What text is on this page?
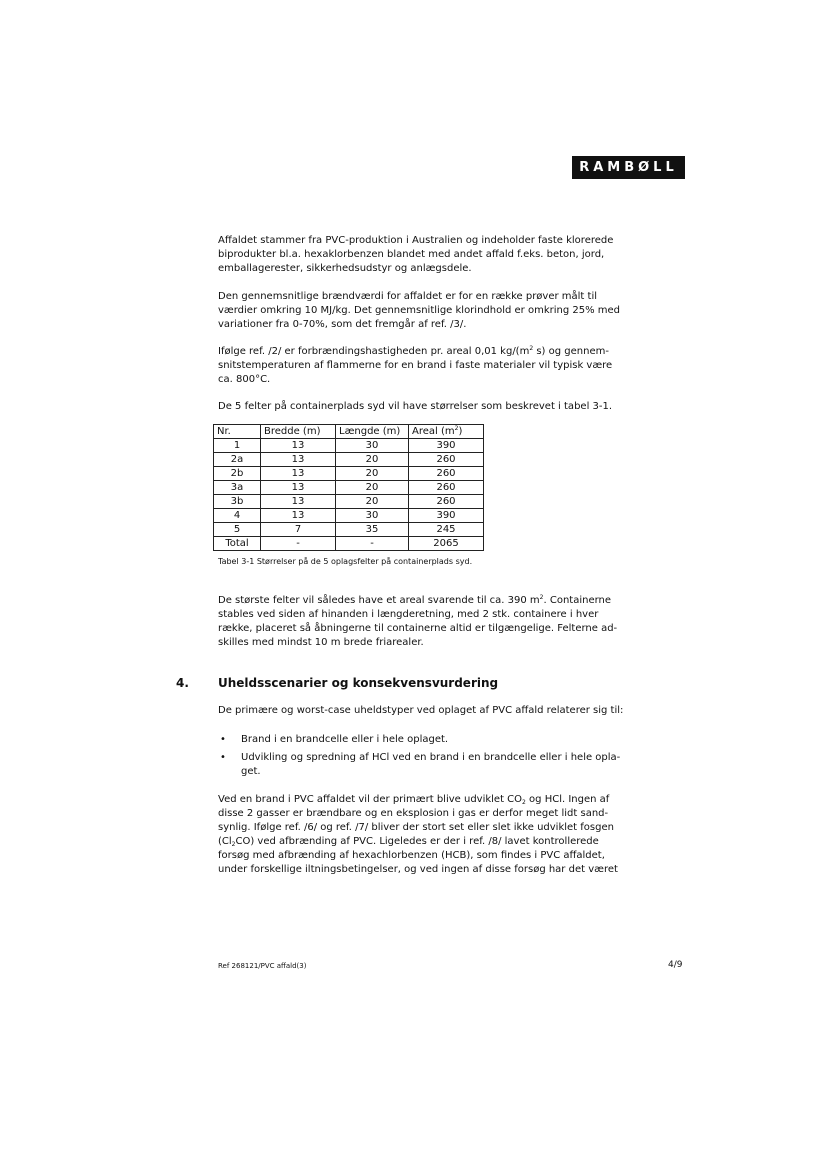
RAMBØLL

Affaldet stammer fra PVC-produktion i Australien og indeholder faste klorerede biprodukter bl.a. hexaklorbenzen blandet med andet affald f.eks. beton, jord, emballagerester, sikkerhedsudstyr og anlægsdele.

Den gennemsnitlige brændværdi for affaldet er for en række prøver målt til værdier omkring 10 MJ/kg. Det gennemsnitlige klorindhold er omkring 25% med variationer fra 0-70%, som det fremgår af ref. /3/.

Ifølge ref. /2/ er forbrændingshastigheden pr. areal 0,01 $kg/(m^2$ s) og gennem-snitstemperaturen af flammerne for en brand i faste materialer vil typisk være ca. 800°C.

De 5 felter på containerplads syd vil have størrelser som beskrevet i tabel 3-1.

Nr.	Bredde (m)	Længde (m)	Areal $(m^2)$
1	13	30	390
2a	13	20	260
2b	13	20	260
3a	13	20	260
3b	13	20	260
4	13	30	390
5	7	35	245
Total	-	-	2065
Tabel 3-1 Størrelser på de 5 oplagsfelter på containerplads syd.

De største felter vil således have et areal svarende til ca. 390 $m^2$. Containerne stables ved siden af hinanden i længderetning, med 2 stk. containere i hver række, placeret så åbningerne til containerne altid er tilgængelige. Felterne ad-skilles med mindst 10 m brede friarealer.

4. Uheldsscenarier og konsekvensvurdering

De primære og worst-case uheldstyper ved oplaget af PVC affald relaterer sig til:

• Brand i en brandcelle eller i hele oplaget.
• Udvikling og spredning af HCl ved en brand i en brandcelle eller i hele opla-get.

Ved en brand i PVC affaldet vil der primært blive udviklet $CO_2$ og HCl. Ingen af disse 2 gasser er brændbare og en eksplosion i gas er derfor meget lidt sand-synlig. Ifølge ref. /6/ og ref. /7/ bliver der stort set eller slet ikke udviklet fosgen $(Cl_2CO)$ ved afbrænding af PVC. Ligeledes er der i ref. /8/ lavet kontrollerede forsøg med afbrænding af hexachlorbenzen (HCB), som findes i PVC affaldet, under forskellige iltningsbetingelser, og ved ingen af disse forsøg har det været

Ref 268121/PVC affald(3)	4/9
